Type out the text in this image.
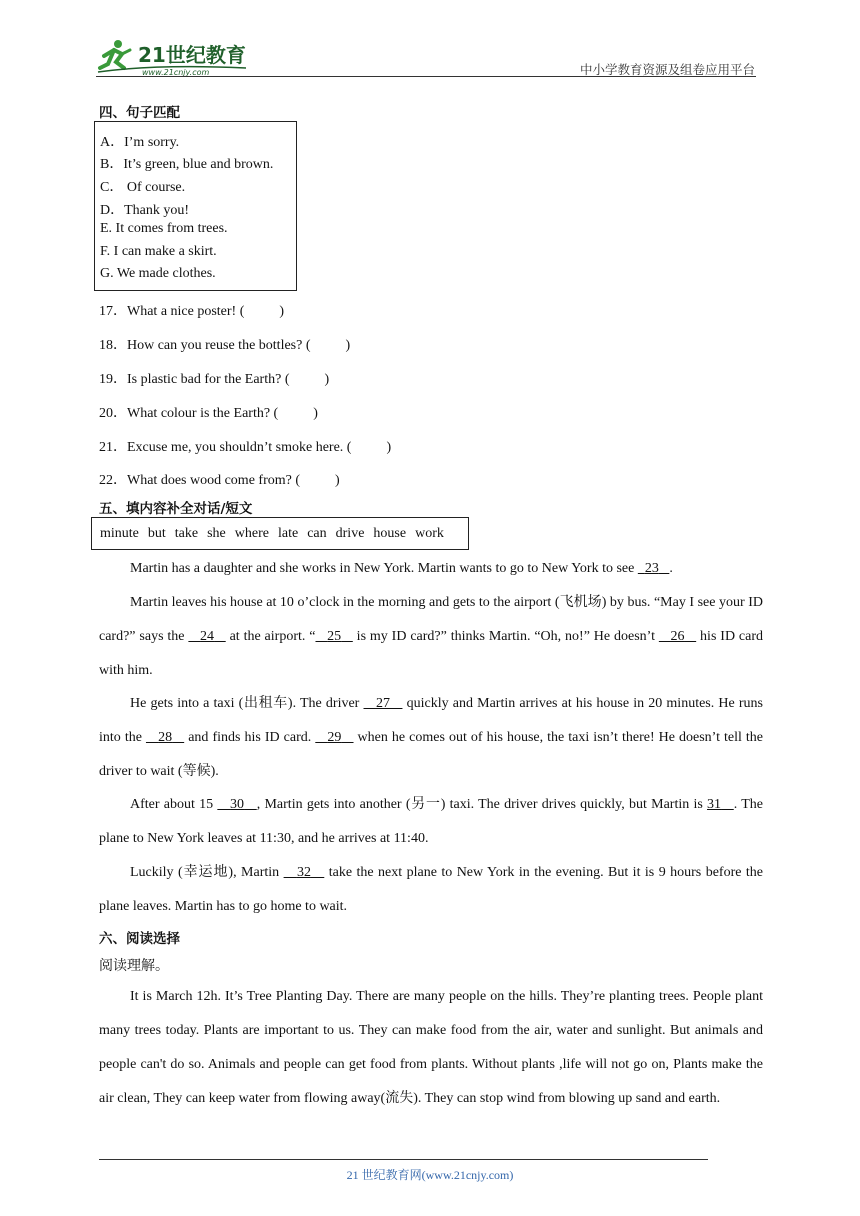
21世纪教育
www.21cnjy.com	中小学教育资源及组卷应用平台
四、句子匹配
A．I’m sorry.
B．It’s green, blue and brown.
C． Of course.
D．Thank you!
E. It comes from trees.
F. I can make a skirt.
G. We made clothes.
17．What a nice poster! (          )
18．How can you reuse the bottles? (          )
19．Is plastic bad for the Earth? (          )
20．What colour is the Earth? (          )
21．Excuse me, you shouldn’t smoke here. (          )
22．What does wood come from? (          )
五、填内容补全对话/短文
minute but take she where late can drive house work
Martin has a daughter and she works in New York. Martin wants to go to New York to see   23 .
Martin leaves his house at 10 o’clock in the morning and gets to the airport (飞机场) by bus. “May I see your ID card?” says the    24    at the airport. “ 25    is my ID card?” thinks Martin. “Oh, no!” He doesn’t    26    his ID card with him.
He gets into a taxi (出租车). The driver    27    quickly and Martin arrives at his house in 20 minutes. He runs into the    28    and finds his ID card.    29    when he comes out of his house, the taxi isn’t there! He doesn’t tell the driver to wait (等候).
After about 15    30 , Martin gets into another (另一) taxi. The driver drives quickly, but Martin is 31 . The plane to New York leaves at 11:30, and he arrives at 11:40.
Luckily (幸运地), Martin    32    take the next plane to New York in the evening. But it is 9 hours before the plane leaves. Martin has to go home to wait.
六、阅读选择
阅读理解。
It is March 12h. It’s Tree Planting Day. There are many people on the hills. They’re planting trees. People plant many trees today. Plants are important to us. They can make food from the air, water and sunlight. But animals and people can't do so. Animals and people can get food from plants. Without plants ,life will not go on, Plants make the air clean, They can keep water from flowing away(流失). They can stop wind from blowing up sand and earth.
21 世纪教育网(www.21cnjy.com)
